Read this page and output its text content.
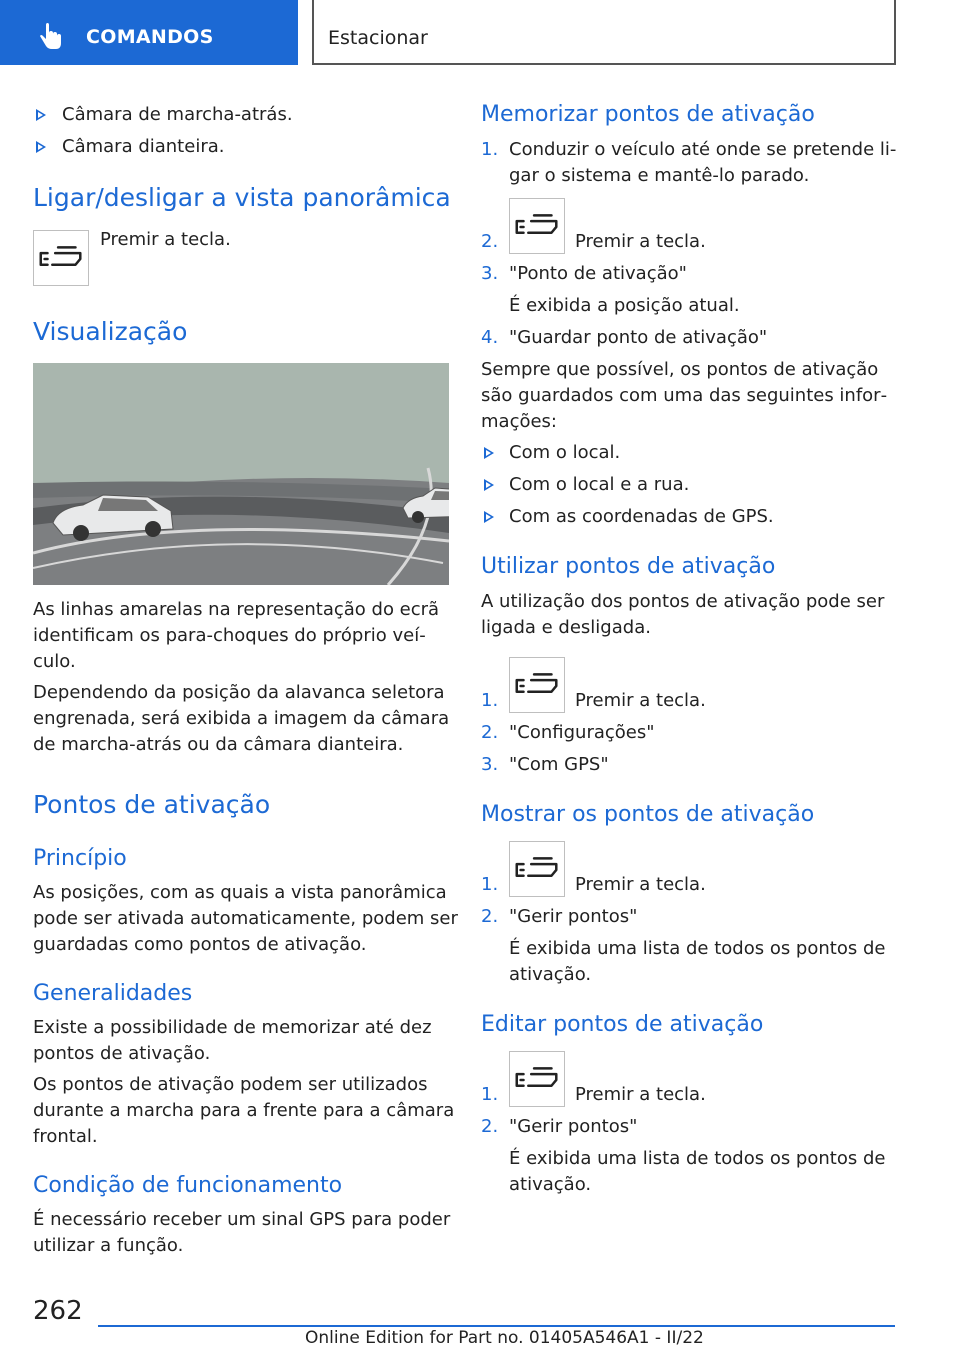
COMANDOS	Estacionar
Câmara de marcha-atrás.
Câmara dianteira.
Ligar/desligar a vista panorâmica
Premir a tecla.
Visualização
As linhas amarelas na representação do ecrã
identificam os para-choques do próprio veí‐
culo.
Dependendo da posição da alavanca seletora
engrenada, será exibida a imagem da câmara
de marcha-atrás ou da câmara dianteira.
Pontos de ativação
Princípio
As posições, com as quais a vista panorâmica
pode ser ativada automaticamente, podem ser
guardadas como pontos de ativação.
Generalidades
Existe a possibilidade de memorizar até dez
pontos de ativação.
Os pontos de ativação podem ser utilizados
durante a marcha para a frente para a câmara
frontal.
Condição de funcionamento
É necessário receber um sinal GPS para poder
utilizar a função.
Memorizar pontos de ativação
1. Conduzir o veículo até onde se pretende li‐
gar o sistema e mantê-lo parado.
2.	Premir a tecla.
3. "Ponto de ativação"
É exibida a posição atual.
4. "Guardar ponto de ativação"
Sempre que possível, os pontos de ativação
são guardados com uma das seguintes infor‐
mações:
Com o local.
Com o local e a rua.
Com as coordenadas de GPS.
Utilizar pontos de ativação
A utilização dos pontos de ativação pode ser
ligada e desligada.
1.	Premir a tecla.
2. "Configurações"
3. "Com GPS"
Mostrar os pontos de ativação
1.	Premir a tecla.
2. "Gerir pontos"
É exibida uma lista de todos os pontos de
ativação.
Editar pontos de ativação
1.	Premir a tecla.
2. "Gerir pontos"
É exibida uma lista de todos os pontos de
ativação.
262
Online Edition for Part no. 01405A546A1 - II/22
